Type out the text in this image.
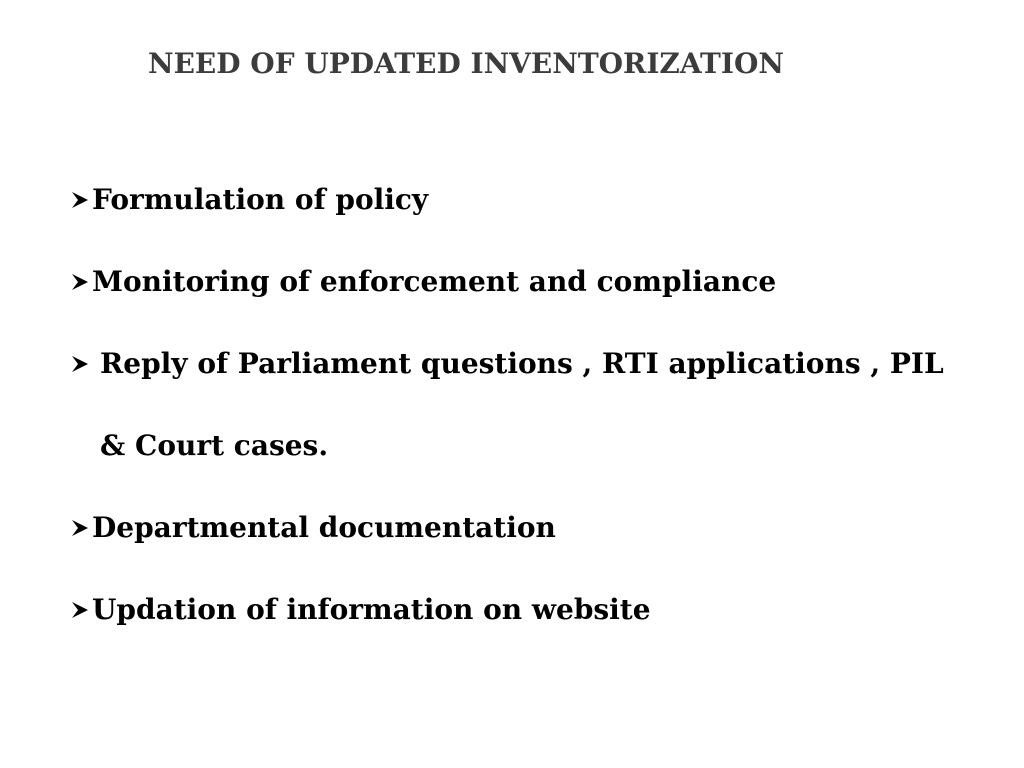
NEED OF UPDATED INVENTORIZATION
Formulation of policy
Monitoring of enforcement and compliance
Reply of Parliament questions , RTI applications , PIL
& Court cases.
Departmental documentation
Updation of information on website
